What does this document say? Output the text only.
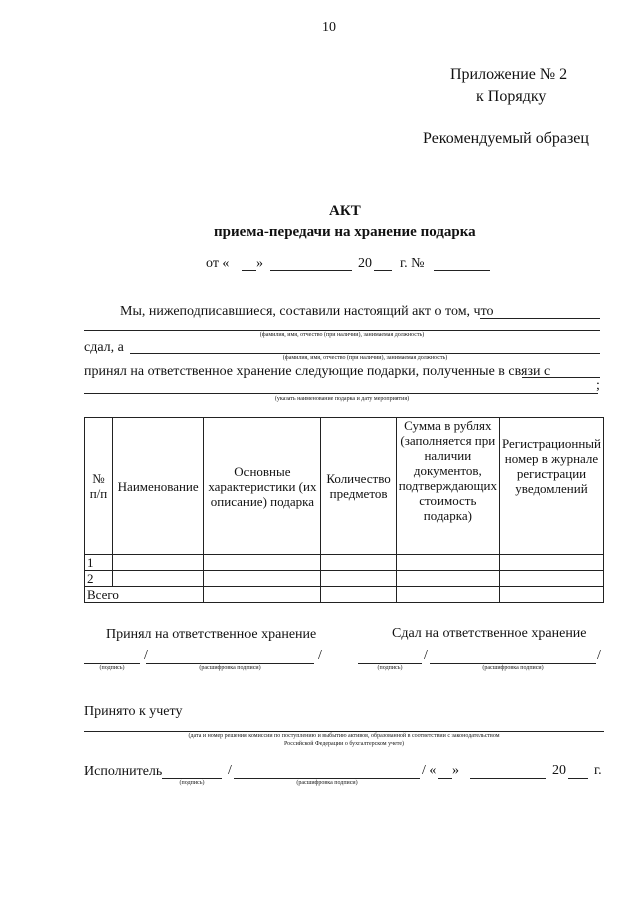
10
Приложение № 2
к Порядку
Рекомендуемый образец
АКТ
приема-передачи на хранение подарка
от « »	20 г. №
Мы, нижеподписавшиеся, составили настоящий акт о том, что
(фамилия, имя, отчество (при наличии), занимаемая должность)
сдал, а
(фамилия, имя, отчество (при наличии), занимаемая должность)
принял на ответственное хранение следующие подарки, полученные в связи с
;
(указать наименование подарка и дату мероприятия)
№ п/п	Наименование	Основные характеристики (их описание) подарка	Количество предметов	Сумма в рублях (заполняется при наличии документов, подтверждающих стоимость подарка)	Регистрационный номер в журнале регистрации уведомлений
1					
2					
Всего					
Принял на ответственное хранение	Сдал на ответственное хранение
/	/
(подпись)	(расшифровка подписи)
/	/
(подпись)	(расшифровка подписи)
Принято к учету
(дата и номер решения комиссии по поступлению и выбытию активов, образованной в соответствии с законодательством
Российской Федерации о бухгалтерском учете)
Исполнитель	/
(подпись)	(расшифровка подписи)
/ « »	20 г.
